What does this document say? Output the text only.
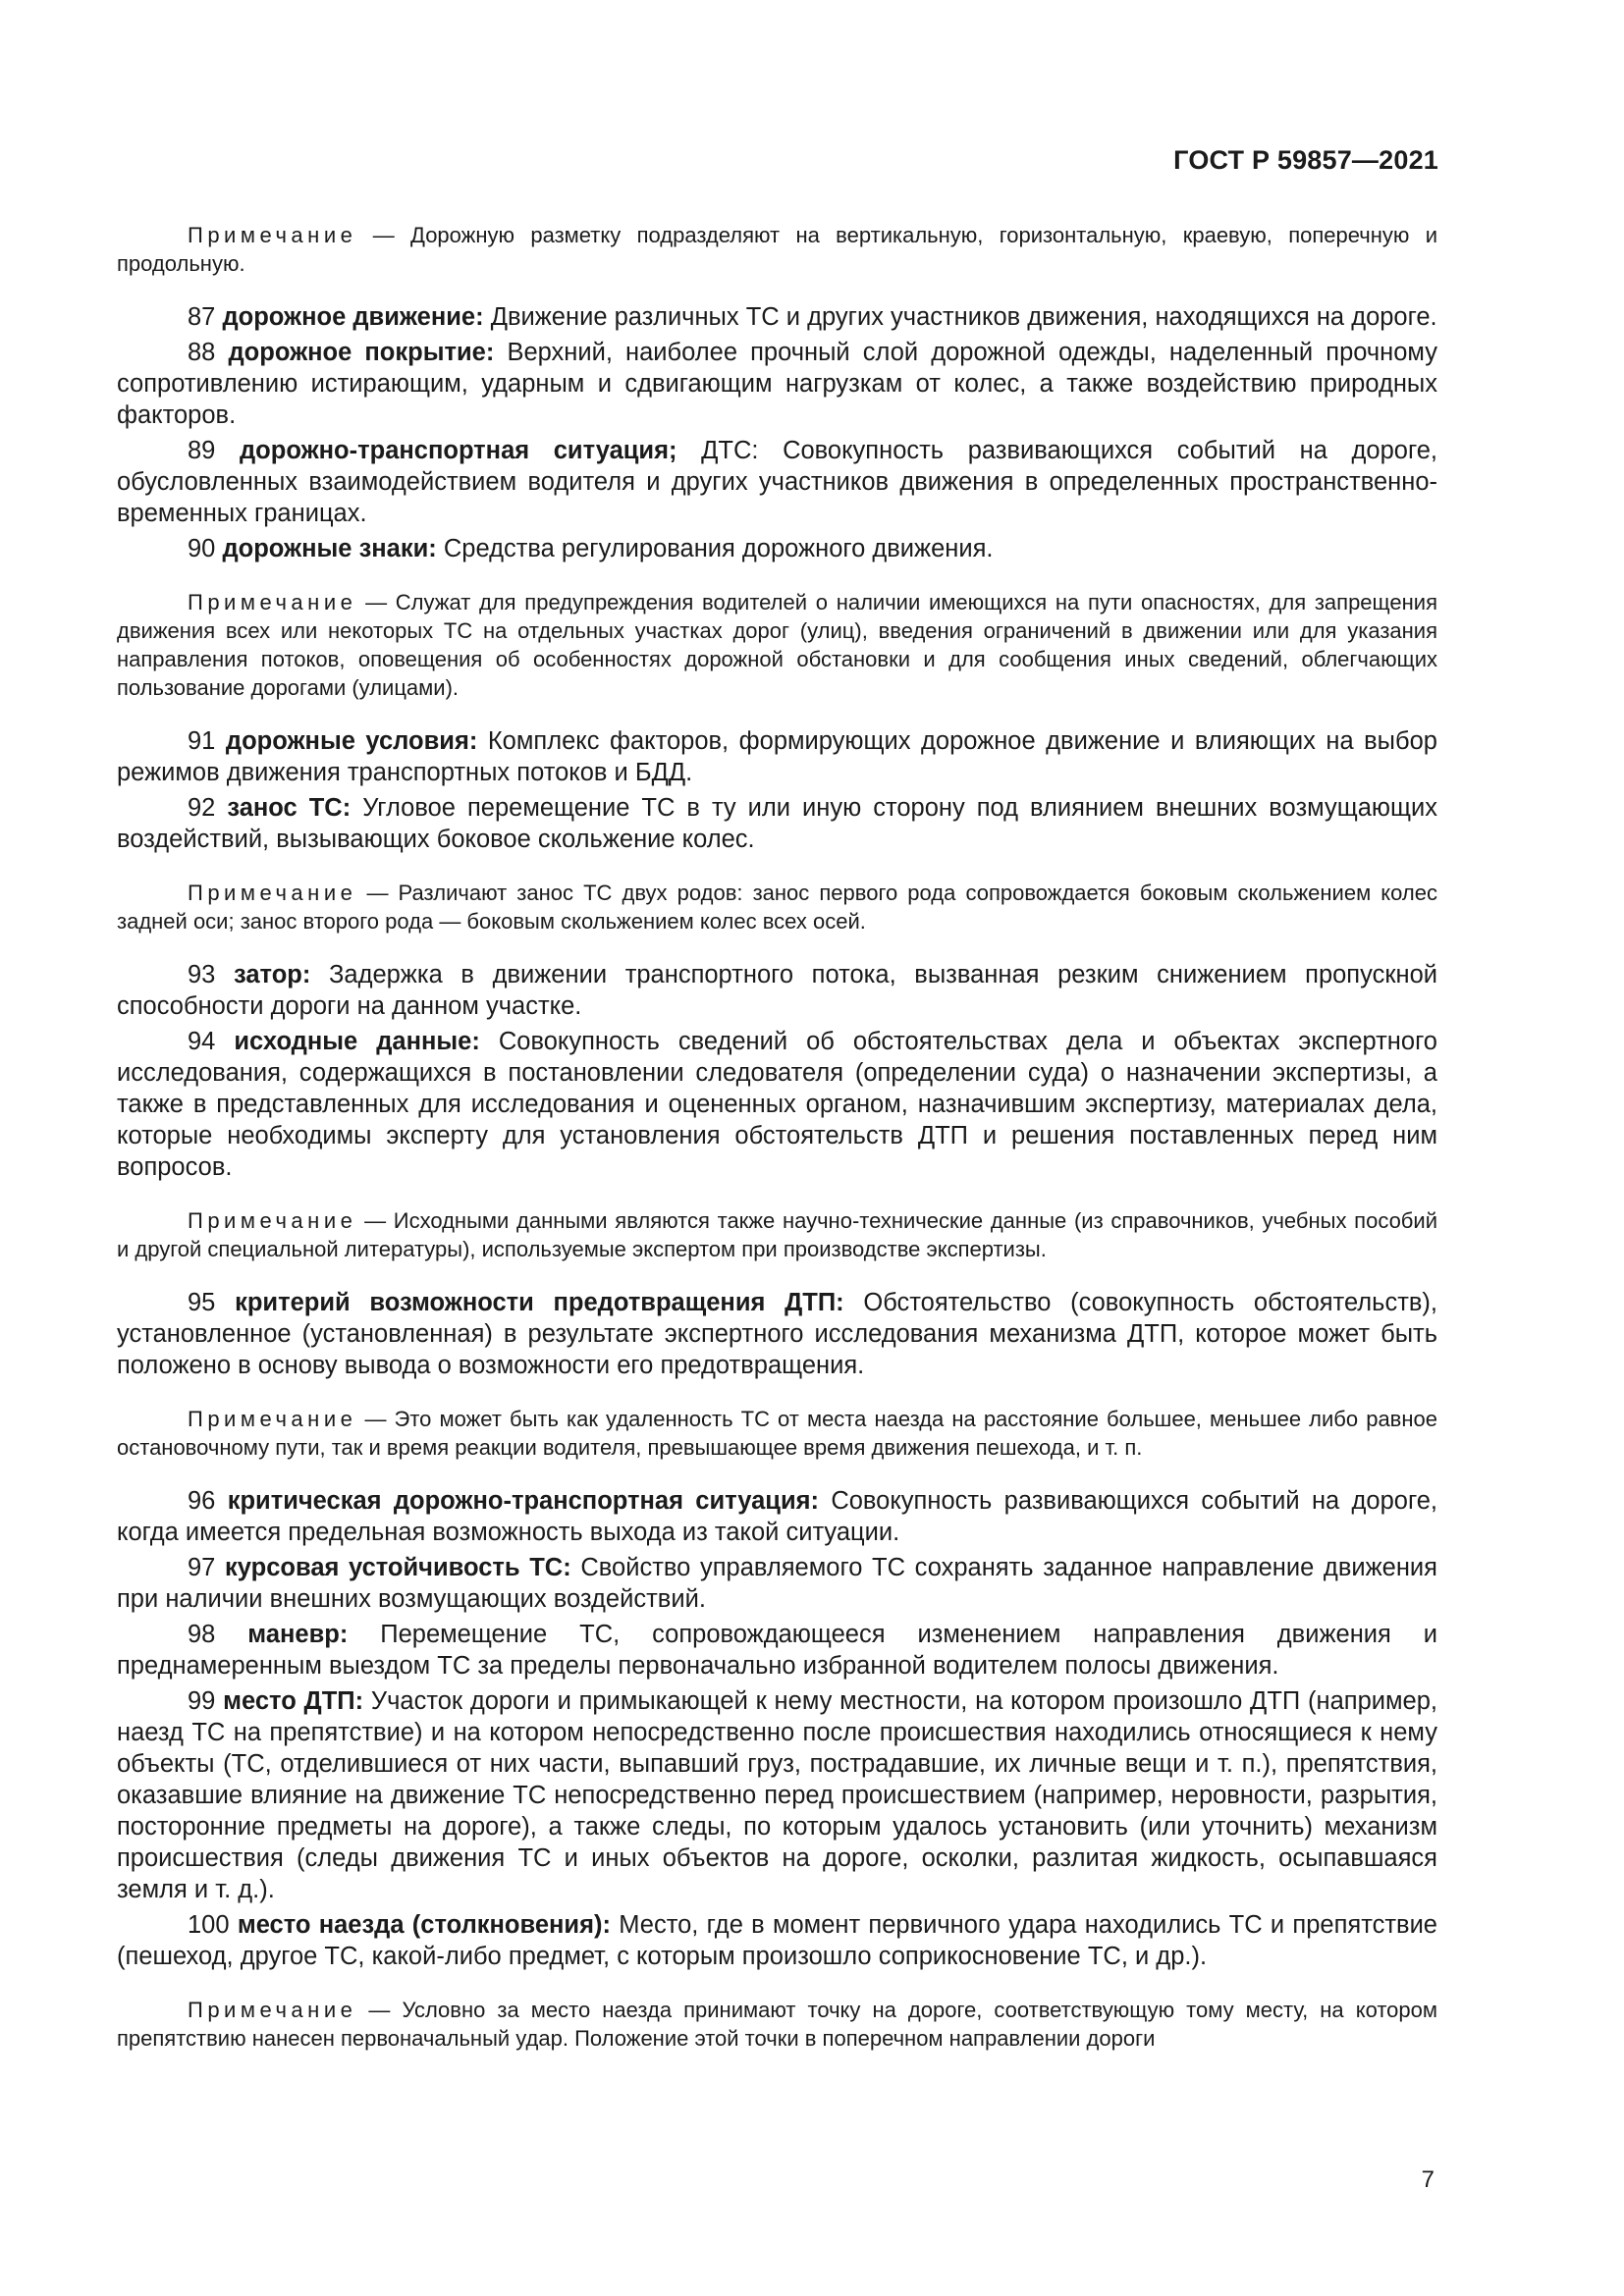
ГОСТ Р 59857—2021

Примечание — Дорожную разметку подразделяют на вертикальную, горизонтальную, краевую, поперечную и продольную.

87 дорожное движение: Движение различных ТС и других участников движения, находящихся на дороге.

88 дорожное покрытие: Верхний, наиболее прочный слой дорожной одежды, наделенный прочному сопротивлению истирающим, ударным и сдвигающим нагрузкам от колес, а также воздействию природных факторов.

89 дорожно-транспортная ситуация; ДТС: Совокупность развивающихся событий на дороге, обусловленных взаимодействием водителя и других участников движения в определенных пространственно-временных границах.

90 дорожные знаки: Средства регулирования дорожного движения.

Примечание — Служат для предупреждения водителей о наличии имеющихся на пути опасностях, для запрещения движения всех или некоторых ТС на отдельных участках дорог (улиц), введения ограничений в движении или для указания направления потоков, оповещения об особенностях дорожной обстановки и для сообщения иных сведений, облегчающих пользование дорогами (улицами).

91 дорожные условия: Комплекс факторов, формирующих дорожное движение и влияющих на выбор режимов движения транспортных потоков и БДД.

92 занос ТС: Угловое перемещение ТС в ту или иную сторону под влиянием внешних возмущающих воздействий, вызывающих боковое скольжение колес.

Примечание — Различают занос ТС двух родов: занос первого рода сопровождается боковым скольжением колес задней оси; занос второго рода — боковым скольжением колес всех осей.

93 затор: Задержка в движении транспортного потока, вызванная резким снижением пропускной способности дороги на данном участке.

94 исходные данные: Совокупность сведений об обстоятельствах дела и объектах экспертного исследования, содержащихся в постановлении следователя (определении суда) о назначении экспертизы, а также в представленных для исследования и оцененных органом, назначившим экспертизу, материалах дела, которые необходимы эксперту для установления обстоятельств ДТП и решения поставленных перед ним вопросов.

Примечание — Исходными данными являются также научно-технические данные (из справочников, учебных пособий и другой специальной литературы), используемые экспертом при производстве экспертизы.

95 критерий возможности предотвращения ДТП: Обстоятельство (совокупность обстоятельств), установленное (установленная) в результате экспертного исследования механизма ДТП, которое может быть положено в основу вывода о возможности его предотвращения.

Примечание — Это может быть как удаленность ТС от места наезда на расстояние большее, меньшее либо равное остановочному пути, так и время реакции водителя, превышающее время движения пешехода, и т. п.

96 критическая дорожно-транспортная ситуация: Совокупность развивающихся событий на дороге, когда имеется предельная возможность выхода из такой ситуации.

97 курсовая устойчивость ТС: Свойство управляемого ТС сохранять заданное направление движения при наличии внешних возмущающих воздействий.

98 маневр: Перемещение ТС, сопровождающееся изменением направления движения и преднамеренным выездом ТС за пределы первоначально избранной водителем полосы движения.

99 место ДТП: Участок дороги и примыкающей к нему местности, на котором произошло ДТП (например, наезд ТС на препятствие) и на котором непосредственно после происшествия находились относящиеся к нему объекты (ТС, отделившиеся от них части, выпавший груз, пострадавшие, их личные вещи и т. п.), препятствия, оказавшие влияние на движение ТС непосредственно перед происшествием (например, неровности, разрытия, посторонние предметы на дороге), а также следы, по которым удалось установить (или уточнить) механизм происшествия (следы движения ТС и иных объектов на дороге, осколки, разлитая жидкость, осыпавшаяся земля и т. д.).

100 место наезда (столкновения): Место, где в момент первичного удара находились ТС и препятствие (пешеход, другое ТС, какой-либо предмет, с которым произошло соприкосновение ТС, и др.).

Примечание — Условно за место наезда принимают точку на дороге, соответствующую тому месту, на котором препятствию нанесен первоначальный удар. Положение этой точки в поперечном направлении дороги

7
